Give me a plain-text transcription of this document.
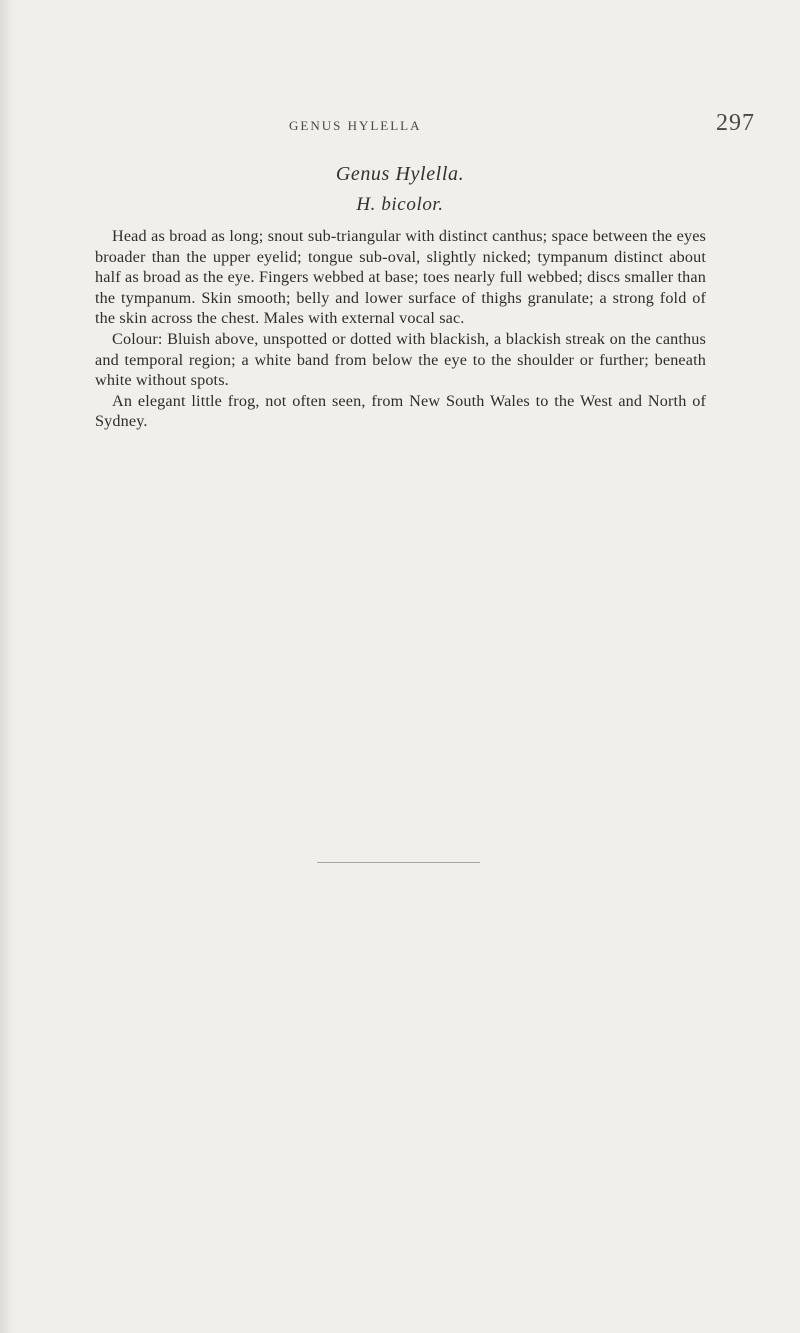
GENUS HYLELLA	297
Genus Hylella.
H. bicolor.

Head as broad as long; snout sub-triangular with distinct canthus; space between the eyes broader than the upper eyelid; tongue sub-oval, slightly nicked; tympanum distinct about half as broad as the eye. Fingers webbed at base; toes nearly full webbed; discs smaller than the tympanum. Skin smooth; belly and lower surface of thighs granulate; a strong fold of the skin across the chest. Males with external vocal sac.

Colour: Bluish above, unspotted or dotted with blackish, a blackish streak on the canthus and temporal region; a white band from below the eye to the shoulder or further; beneath white without spots.

An elegant little frog, not often seen, from New South Wales to the West and North of Sydney.
